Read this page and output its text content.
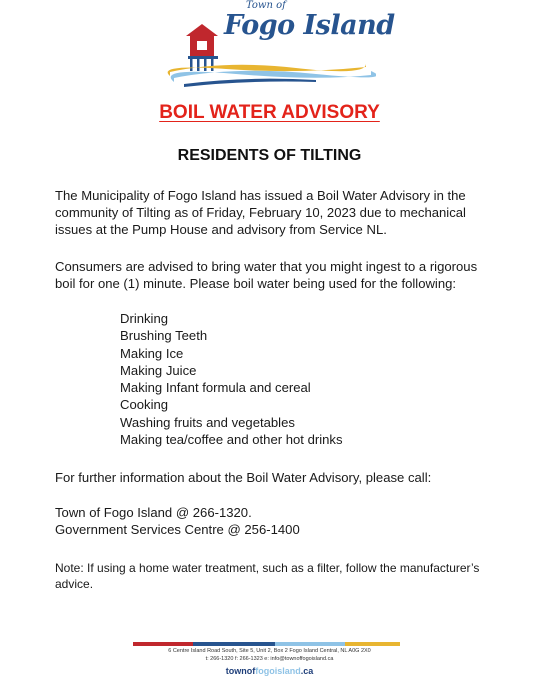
Town of
Fogo Island
BOIL WATER ADVISORY
RESIDENTS OF TILTING

The Municipality of Fogo Island has issued a Boil Water Advisory in the community of Tilting as of Friday, February 10, 2023 due to mechanical issues at the Pump House and advisory from Service NL.

Consumers are advised to bring water that you might ingest to a rigorous boil for one (1) minute. Please boil water being used for the following:

Drinking
Brushing Teeth
Making Ice
Making Juice
Making Infant formula and cereal
Cooking
Washing fruits and vegetables
Making tea/coffee and other hot drinks

For further information about the Boil Water Advisory, please call:

Town of Fogo Island @ 266-1320.

Government Services Centre @ 256-1400

Note: If using a home water treatment, such as a filter, follow the manufacturer’s advice.

6 Centre Island Road South, Site 5, Unit 2, Box 2 Fogo Island Central, NL A0G 2X0
t: 266-1320 f: 266-1323 e: info@townoffogoisland.ca
townoffogoisland.ca
